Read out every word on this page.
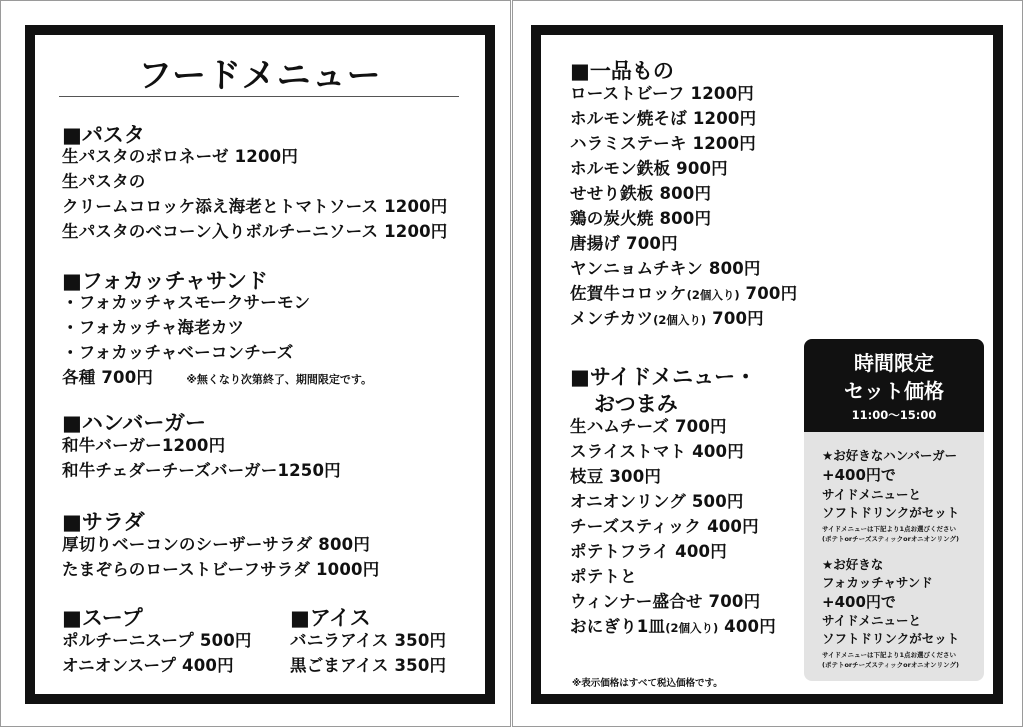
フードメニュー
■パスタ
生パスタのボロネーゼ 1200円
生パスタの
クリームコロッケ添え海老とトマトソース 1200円
生パスタのベコーン入りボルチーニソース 1200円
■フォカッチャサンド
・フォカッチャスモークサーモン
・フォカッチャ海老カツ
・フォカッチャベーコンチーズ
各種 700円	※無くなり次第終了、期間限定です。
■ハンバーガー
和牛バーガー1200円
和牛チェダーチーズバーガー1250円
■サラダ
厚切りベーコンのシーザーサラダ 800円
たまぞらのローストビーフサラダ 1000円
■スープ
ポルチーニスープ 500円
オニオンスープ 400円
■アイス
バニラアイス 350円
黒ごまアイス 350円
■一品もの
ローストビーフ 1200円
ホルモン焼そば 1200円
ハラミステーキ 1200円
ホルモン鉄板 900円
せせり鉄板 800円
鶏の炭火焼 800円
唐揚げ 700円
ヤンニョムチキン 800円
佐賀牛コロッケ(2個入り) 700円
メンチカツ(2個入り) 700円
■サイドメニュー・
おつまみ
生ハムチーズ 700円
スライストマト 400円
枝豆 300円
オニオンリング 500円
チーズスティック 400円
ポテトフライ 400円
ポテトと
ウィンナー盛合せ 700円
おにぎり1皿(2個入り) 400円
※表示価格はすべて税込価格です。
時間限定
セット価格
11:00〜15:00
★お好きなハンバーガー
+400円で
サイドメニューと
ソフトドリンクがセット
サイドメニューは下記より1点お選びください
(ポテトorチーズスティックorオニオンリング)
★お好きな
フォカッチャサンド
+400円で
サイドメニューと
ソフトドリンクがセット
サイドメニューは下記より1点お選びください
(ポテトorチーズスティックorオニオンリング)
